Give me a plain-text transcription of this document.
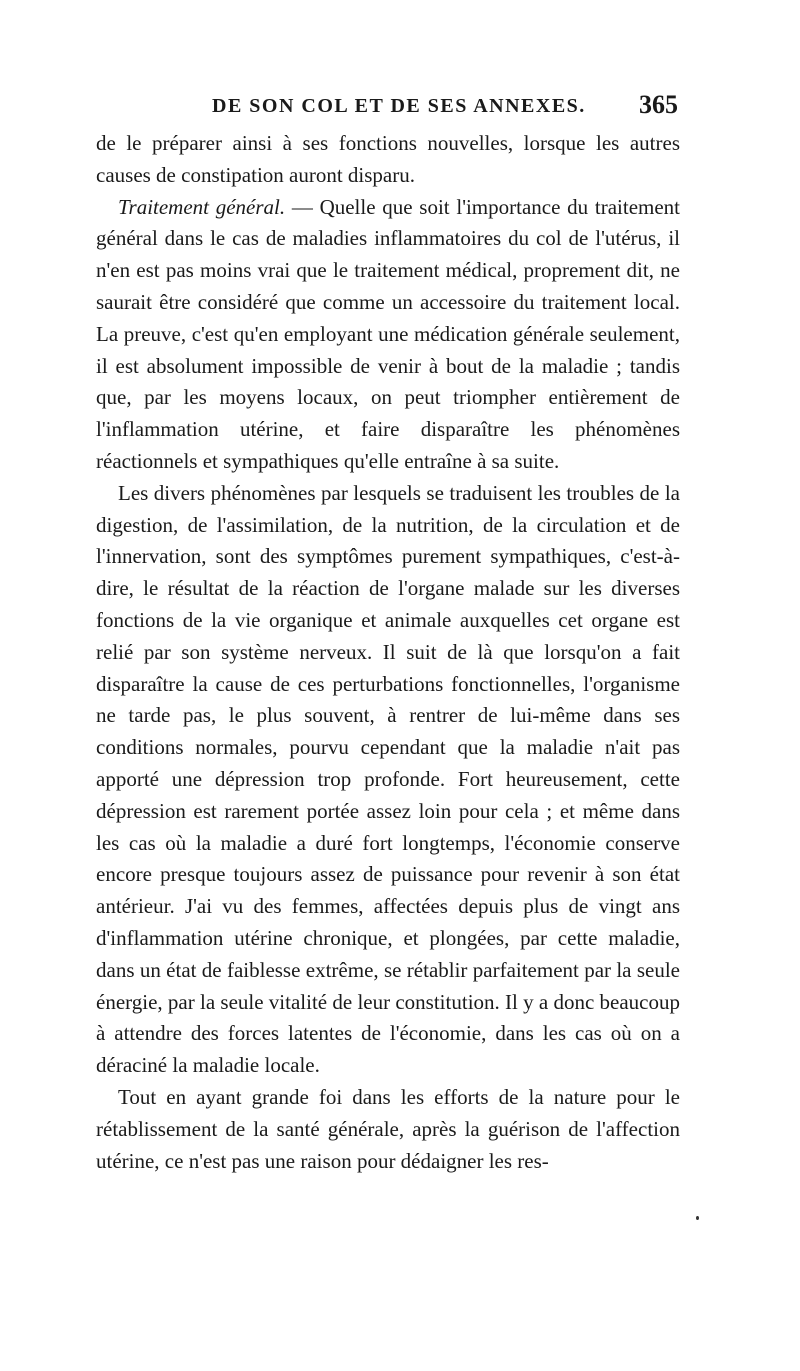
DE SON COL ET DE SES ANNEXES. 365

de le préparer ainsi à ses fonctions nouvelles, lorsque les autres causes de constipation auront disparu.

Traitement général. — Quelle que soit l'importance du traitement général dans le cas de maladies inflammatoires du col de l'utérus, il n'en est pas moins vrai que le traitement médical, proprement dit, ne saurait être considéré que comme un accessoire du traitement local. La preuve, c'est qu'en employant une médication générale seulement, il est absolument impossible de venir à bout de la maladie ; tandis que, par les moyens locaux, on peut triompher entièrement de l'inflammation utérine, et faire disparaître les phénomènes réactionnels et sympathiques qu'elle entraîne à sa suite.

Les divers phénomènes par lesquels se traduisent les troubles de la digestion, de l'assimilation, de la nutrition, de la circulation et de l'innervation, sont des symptômes purement sympathiques, c'est-à-dire, le résultat de la réaction de l'organe malade sur les diverses fonctions de la vie organique et animale auxquelles cet organe est relié par son système nerveux. Il suit de là que lorsqu'on a fait disparaître la cause de ces perturbations fonctionnelles, l'organisme ne tarde pas, le plus souvent, à rentrer de lui-même dans ses conditions normales, pourvu cependant que la maladie n'ait pas apporté une dépression trop profonde. Fort heureusement, cette dépression est rarement portée assez loin pour cela ; et même dans les cas où la maladie a duré fort longtemps, l'économie conserve encore presque toujours assez de puissance pour revenir à son état antérieur. J'ai vu des femmes, affectées depuis plus de vingt ans d'inflammation utérine chronique, et plongées, par cette maladie, dans un état de faiblesse extrême, se rétablir parfaitement par la seule énergie, par la seule vitalité de leur constitution. Il y a donc beaucoup à attendre des forces latentes de l'économie, dans les cas où on a déraciné la maladie locale.

Tout en ayant grande foi dans les efforts de la nature pour le rétablissement de la santé générale, après la guérison de l'affection utérine, ce n'est pas une raison pour dédaigner les res-
